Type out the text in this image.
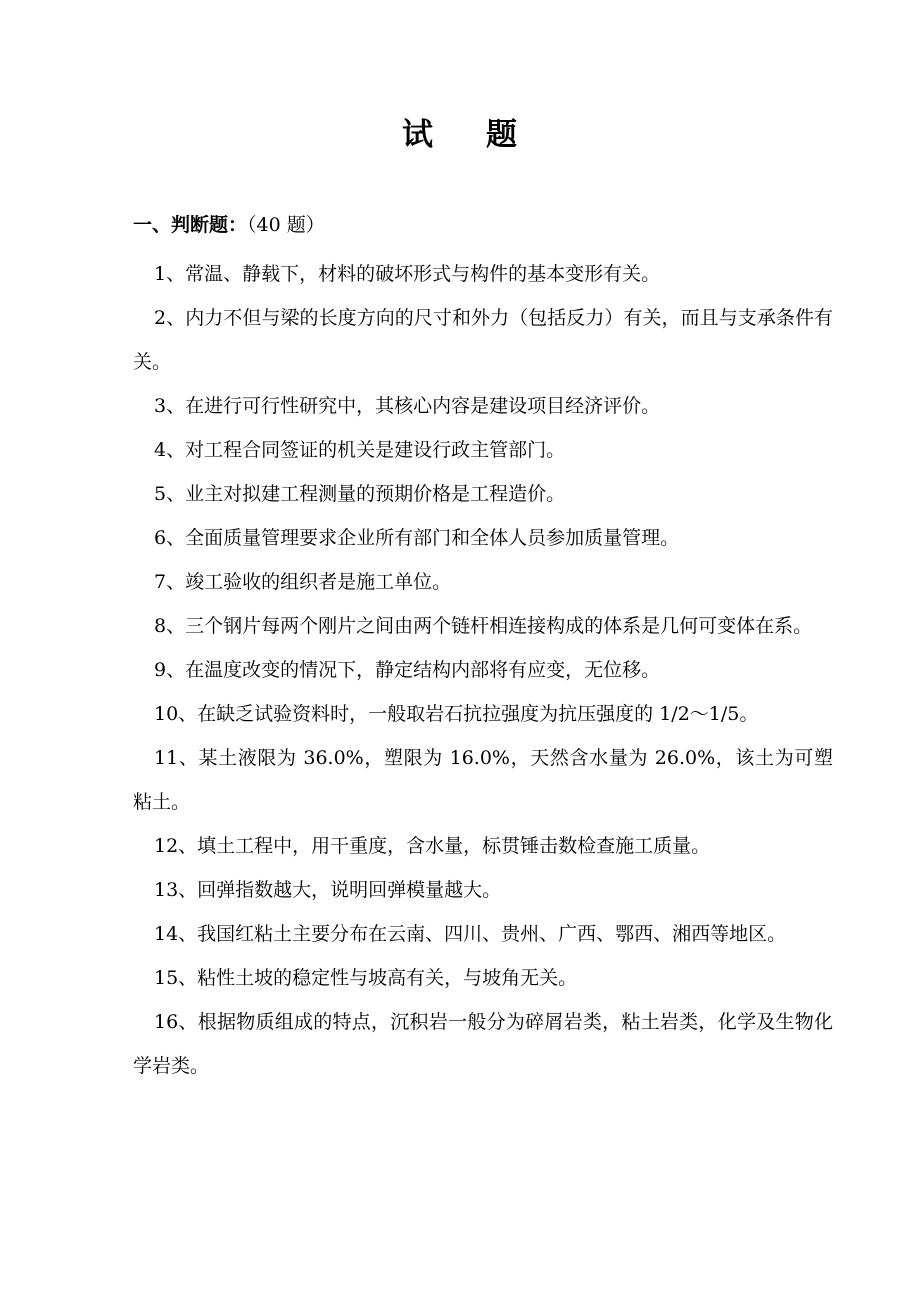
试 题
一、判断题：（40 题）
1、常温、静载下，材料的破坏形式与构件的基本变形有关。
2、内力不但与梁的长度方向的尺寸和外力（包括反力）有关，而且与支承条件有关。
3、在进行可行性研究中，其核心内容是建设项目经济评价。
4、对工程合同签证的机关是建设行政主管部门。
5、业主对拟建工程测量的预期价格是工程造价。
6、全面质量管理要求企业所有部门和全体人员参加质量管理。
7、竣工验收的组织者是施工单位。
8、三个钢片每两个刚片之间由两个链杆相连接构成的体系是几何可变体在系。
9、在温度改变的情况下，静定结构内部将有应变，无位移。
10、在缺乏试验资料时，一般取岩石抗拉强度为抗压强度的 1/2～1/5。
11、某土液限为 36.0%，塑限为 16.0%，天然含水量为 26.0%，该土为可塑粘土。
12、填土工程中，用干重度，含水量，标贯锤击数检查施工质量。
13、回弹指数越大，说明回弹模量越大。
14、我国红粘土主要分布在云南、四川、贵州、广西、鄂西、湘西等地区。
15、粘性土坡的稳定性与坡高有关，与坡角无关。
16、根据物质组成的特点，沉积岩一般分为碎屑岩类，粘土岩类，化学及生物化学岩类。
